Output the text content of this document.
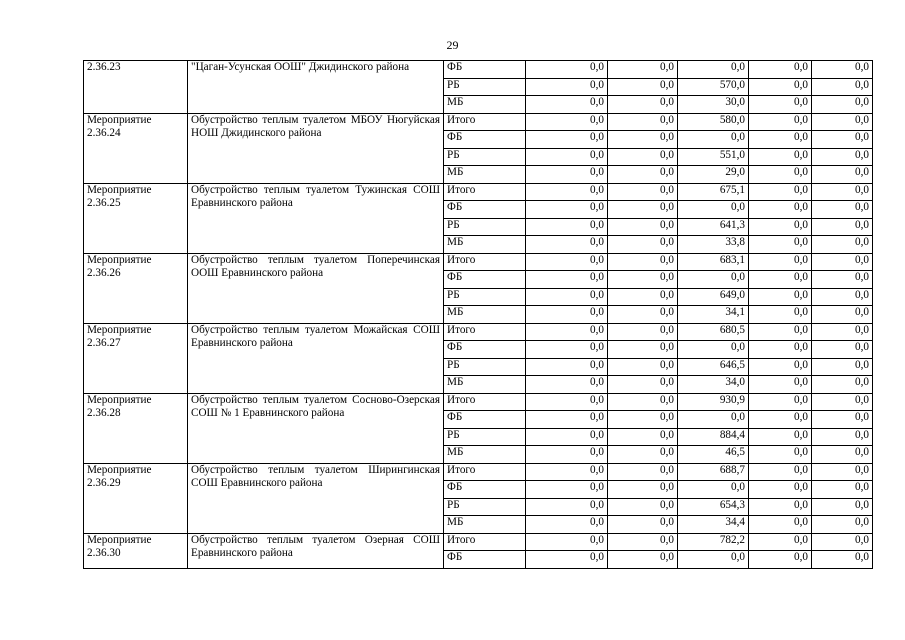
29
2.36.23	"Цаган-Усунская ООШ" Джидинского района	ФБ	0,0	0,0	0,0	0,0	0,0
		РБ	0,0	0,0	570,0	0,0	0,0
		МБ	0,0	0,0	30,0	0,0	0,0
Мероприятие 2.36.24	Обустройство теплым туалетом МБОУ Нюгуйская НОШ Джидинского района	Итого	0,0	0,0	580,0	0,0	0,0
		ФБ	0,0	0,0	0,0	0,0	0,0
		РБ	0,0	0,0	551,0	0,0	0,0
		МБ	0,0	0,0	29,0	0,0	0,0
Мероприятие 2.36.25	Обустройство теплым туалетом Тужинская СОШ Еравнинского района	Итого	0,0	0,0	675,1	0,0	0,0
		ФБ	0,0	0,0	0,0	0,0	0,0
		РБ	0,0	0,0	641,3	0,0	0,0
		МБ	0,0	0,0	33,8	0,0	0,0
Мероприятие 2.36.26	Обустройство теплым туалетом Поперечинская ООШ Еравнинского района	Итого	0,0	0,0	683,1	0,0	0,0
		ФБ	0,0	0,0	0,0	0,0	0,0
		РБ	0,0	0,0	649,0	0,0	0,0
		МБ	0,0	0,0	34,1	0,0	0,0
Мероприятие 2.36.27	Обустройство теплым туалетом Можайская СОШ Еравнинского района	Итого	0,0	0,0	680,5	0,0	0,0
		ФБ	0,0	0,0	0,0	0,0	0,0
		РБ	0,0	0,0	646,5	0,0	0,0
		МБ	0,0	0,0	34,0	0,0	0,0
Мероприятие 2.36.28	Обустройство теплым туалетом Сосново-Озерская СОШ № 1 Еравнинского района	Итого	0,0	0,0	930,9	0,0	0,0
		ФБ	0,0	0,0	0,0	0,0	0,0
		РБ	0,0	0,0	884,4	0,0	0,0
		МБ	0,0	0,0	46,5	0,0	0,0
Мероприятие 2.36.29	Обустройство теплым туалетом Ширингинская СОШ Еравнинского района	Итого	0,0	0,0	688,7	0,0	0,0
		ФБ	0,0	0,0	0,0	0,0	0,0
		РБ	0,0	0,0	654,3	0,0	0,0
		МБ	0,0	0,0	34,4	0,0	0,0
Мероприятие 2.36.30	Обустройство теплым туалетом Озерная СОШ Еравнинского района	Итого	0,0	0,0	782,2	0,0	0,0
		ФБ	0,0	0,0	0,0	0,0	0,0
